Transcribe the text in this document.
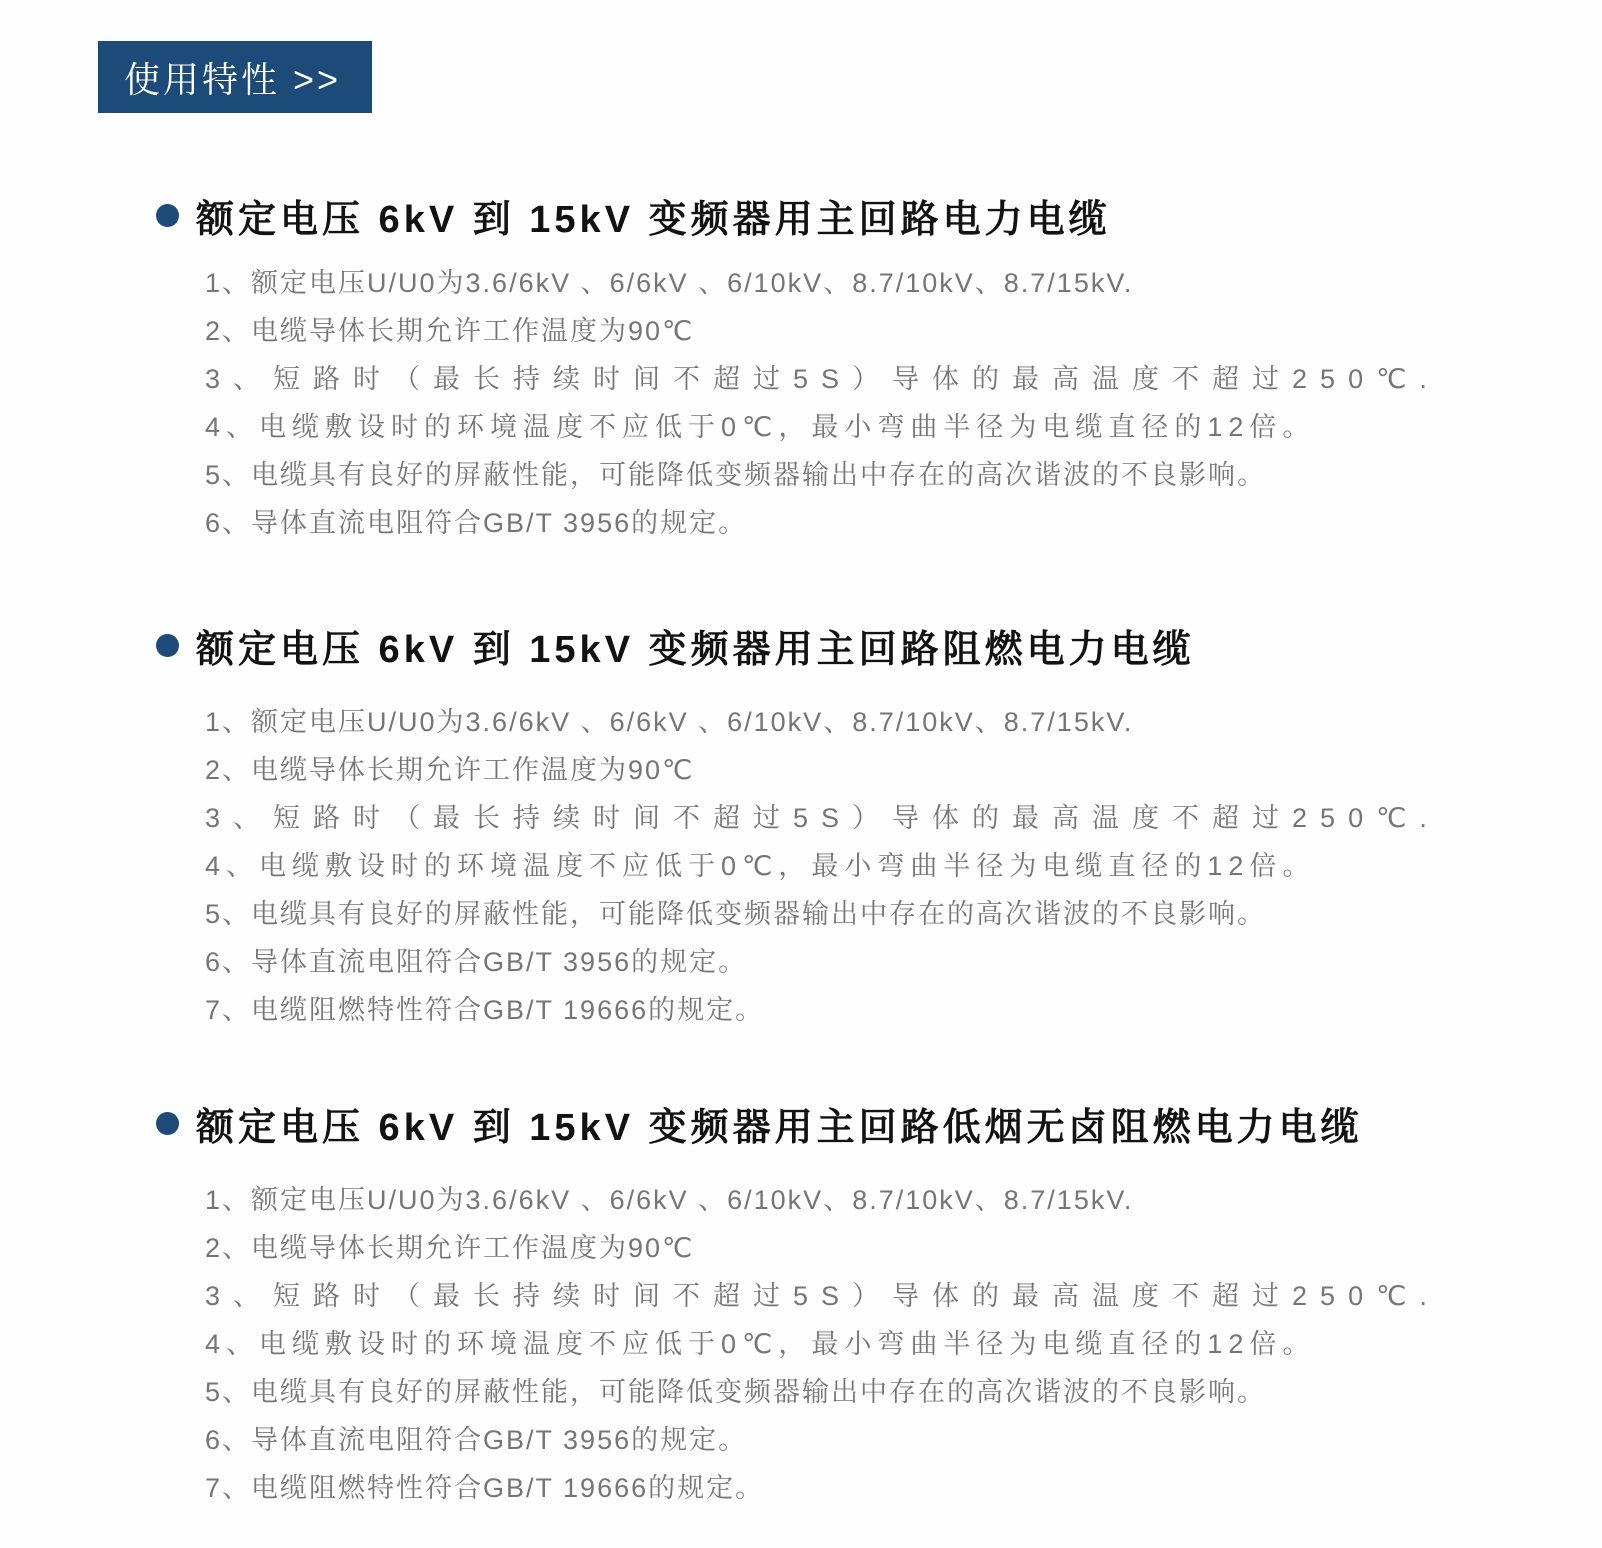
使用特性 >>
额定电压 6kV 到 15kV 变频器用主回路电力电缆
1、额定电压U/U0为3.6/6kV 、6/6kV 、6/10kV、8.7/10kV、8.7/15kV.
2、电缆导体长期允许工作温度为90℃
3、短路时（最长持续时间不超过5S）导体的最高温度不超过250℃.
4、电缆敷设时的环境温度不应低于0℃，最小弯曲半径为电缆直径的12倍。
5、电缆具有良好的屏蔽性能，可能降低变频器输出中存在的高次谐波的不良影响。
6、导体直流电阻符合GB/T 3956的规定。
额定电压 6kV 到 15kV 变频器用主回路阻燃电力电缆
1、额定电压U/U0为3.6/6kV 、6/6kV 、6/10kV、8.7/10kV、8.7/15kV.
2、电缆导体长期允许工作温度为90℃
3、短路时（最长持续时间不超过5S）导体的最高温度不超过250℃.
4、电缆敷设时的环境温度不应低于0℃，最小弯曲半径为电缆直径的12倍。
5、电缆具有良好的屏蔽性能，可能降低变频器输出中存在的高次谐波的不良影响。
6、导体直流电阻符合GB/T 3956的规定。
7、电缆阻燃特性符合GB/T 19666的规定。
额定电压 6kV 到 15kV 变频器用主回路低烟无卤阻燃电力电缆
1、额定电压U/U0为3.6/6kV 、6/6kV 、6/10kV、8.7/10kV、8.7/15kV.
2、电缆导体长期允许工作温度为90℃
3、短路时（最长持续时间不超过5S）导体的最高温度不超过250℃.
4、电缆敷设时的环境温度不应低于0℃，最小弯曲半径为电缆直径的12倍。
5、电缆具有良好的屏蔽性能，可能降低变频器输出中存在的高次谐波的不良影响。
6、导体直流电阻符合GB/T 3956的规定。
7、电缆阻燃特性符合GB/T 19666的规定。
